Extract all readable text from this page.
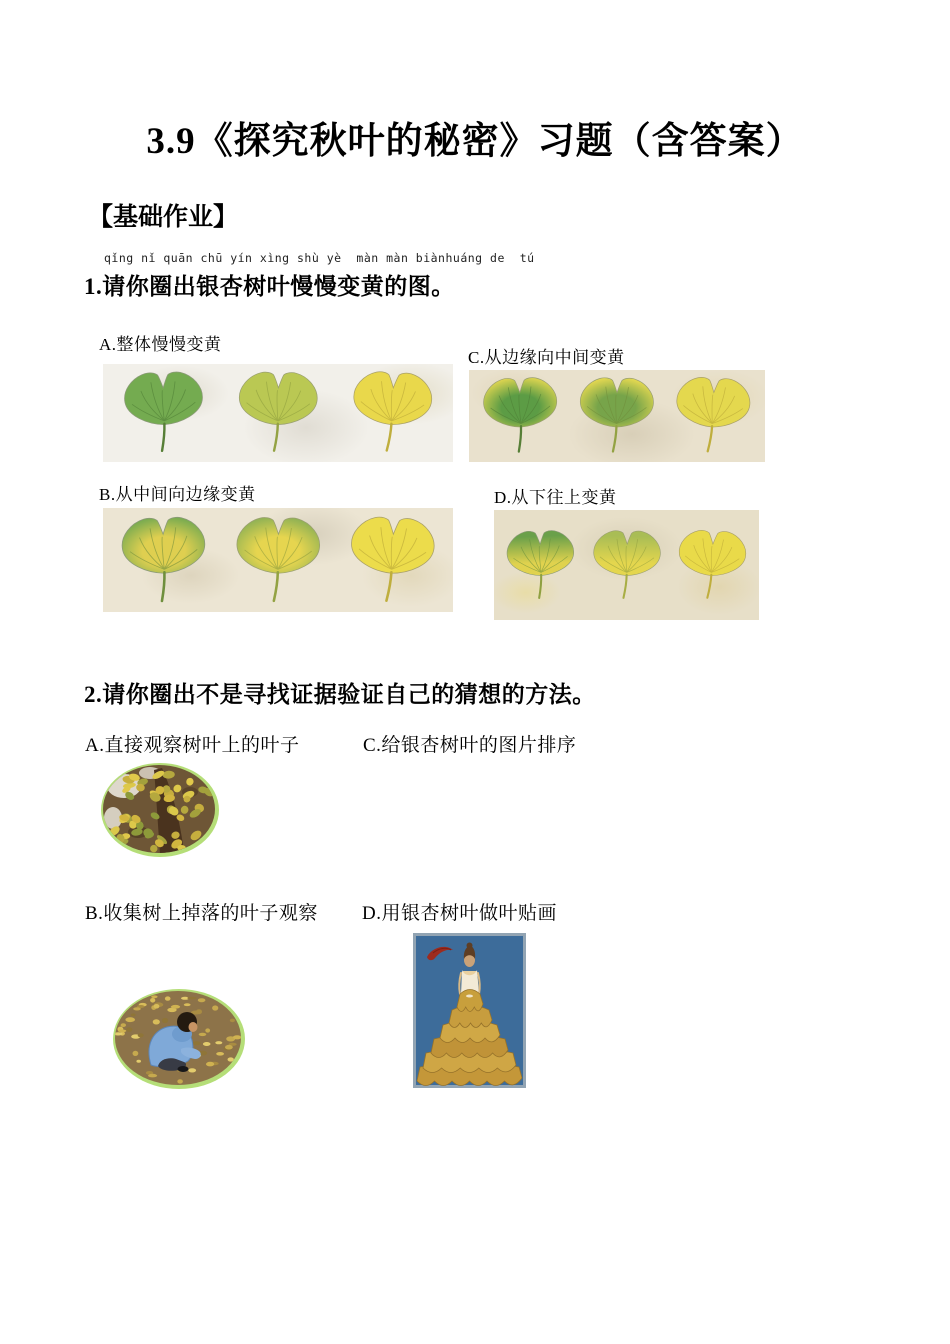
3.9《探究秋叶的秘密》习题（含答案）
【基础作业】
qǐng nǐ quān chū yín xìng shù yè  màn màn biànhuáng de  tú
1.请你圈出银杏树叶慢慢变黄的图。
A.整体慢慢变黄
C.从边缘向中间变黄
B.从中间向边缘变黄	D.从下往上变黄
2.请你圈出不是寻找证据验证自己的猜想的方法。
A.直接观察树叶上的叶子	C.给银杏树叶的图片排序
B.收集树上掉落的叶子观察 D.用银杏树叶做叶贴画
